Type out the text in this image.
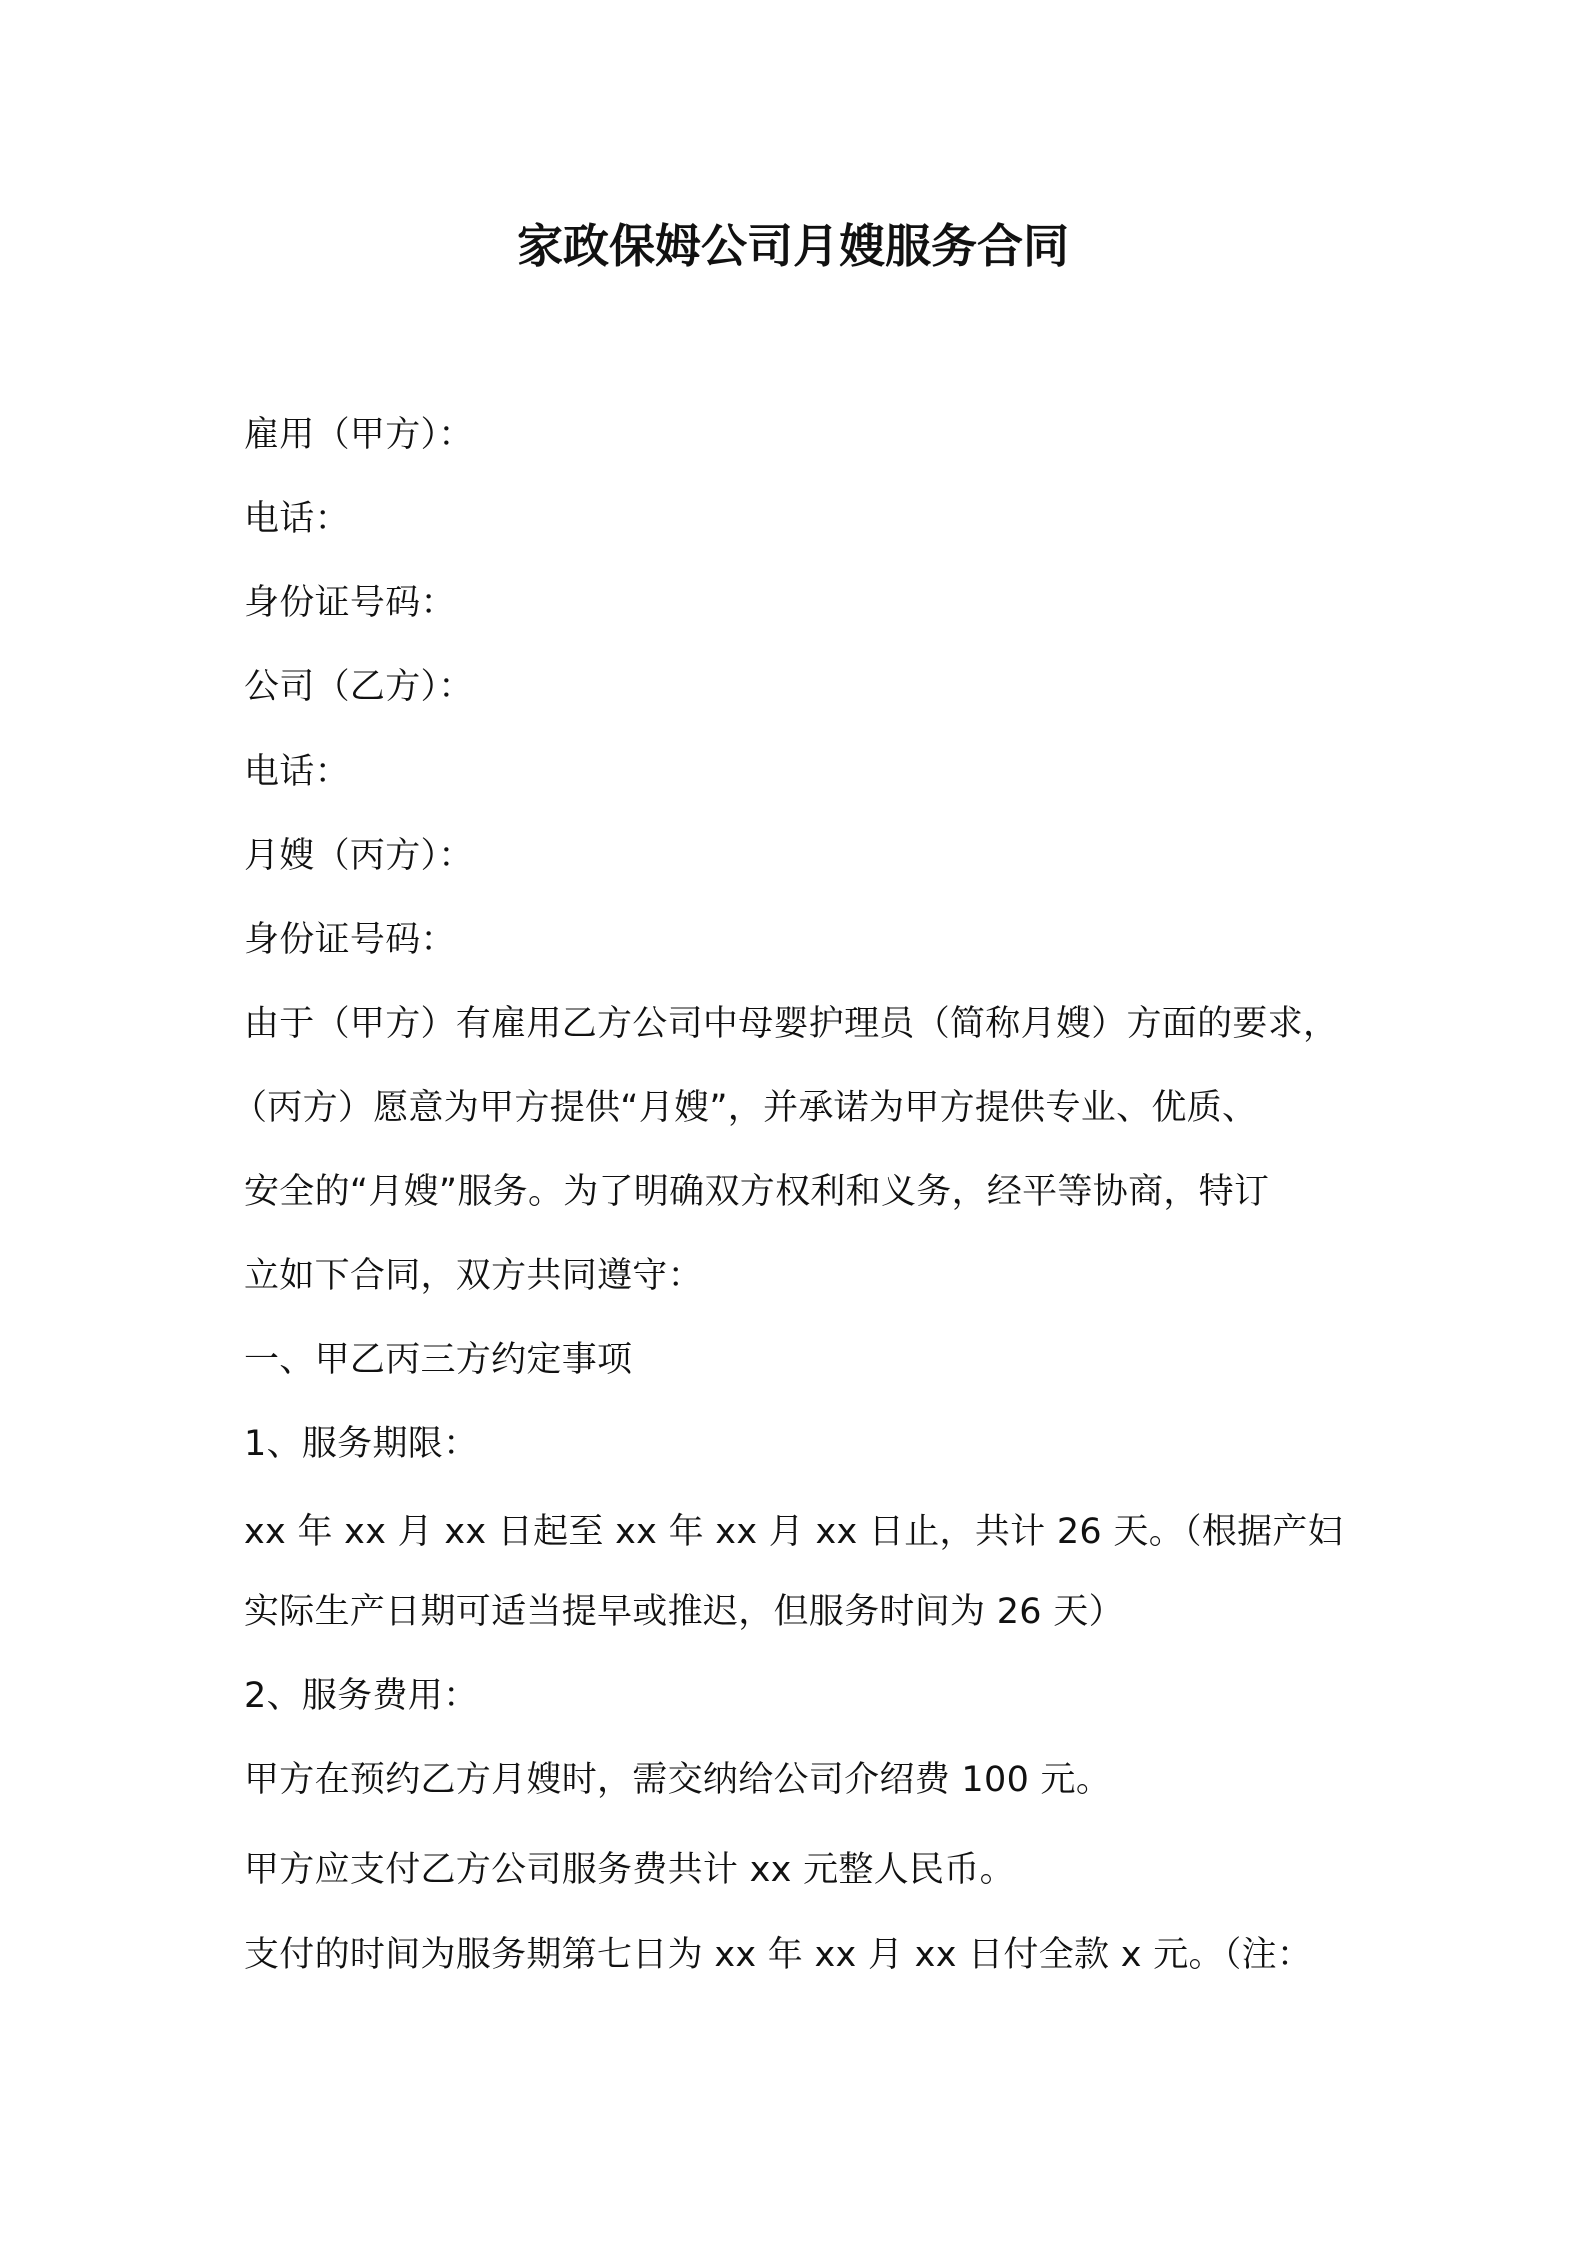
家政保姆公司月嫂服务合同
雇用（甲方）：
电话：
身份证号码：
公司（乙方）：
电话：
月嫂（丙方）：
身份证号码：
由于（甲方）有雇用乙方公司中母婴护理员（简称月嫂）方面的要求，
（丙方）愿意为甲方提供“月嫂”，并承诺为甲方提供专业、优质、
安全的“月嫂”服务。为了明确双方权利和义务，经平等协商，特订
立如下合同，双方共同遵守：
一、甲乙丙三方约定事项
1、服务期限：
xx 年 xx 月 xx 日起至 xx 年 xx 月 xx 日止，共计 26 天。（根据产妇
实际生产日期可适当提早或推迟，但服务时间为 26 天）
2、服务费用：
甲方在预约乙方月嫂时，需交纳给公司介绍费 100 元。
甲方应支付乙方公司服务费共计 xx 元整人民币。
支付的时间为服务期第七日为 xx 年 xx 月 xx 日付全款 x 元。（注：
